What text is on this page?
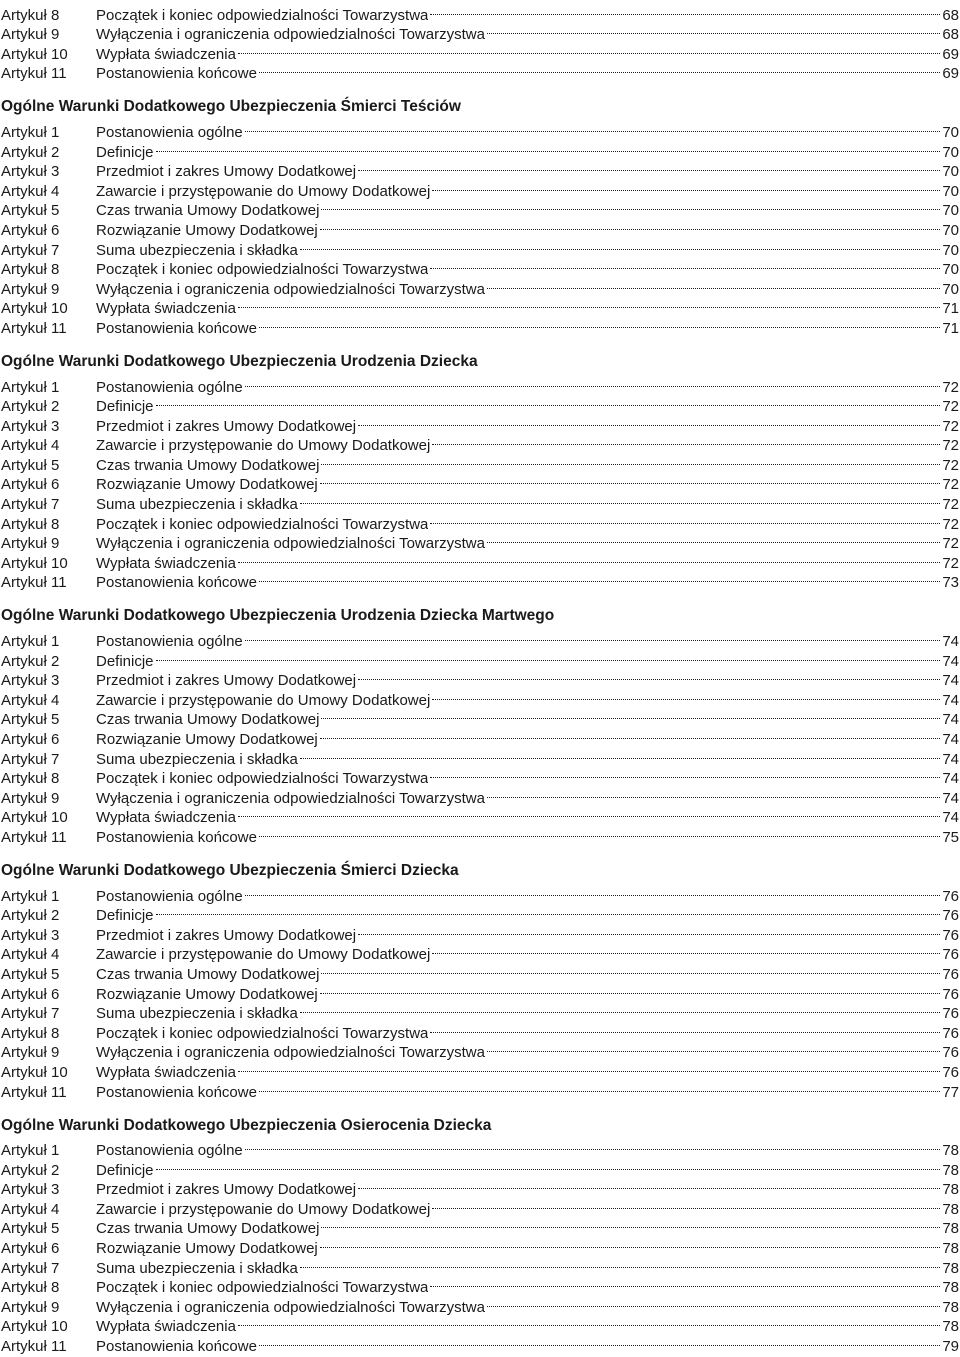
Artykuł 8	Początek i koniec odpowiedzialności Towarzystwa	68
Artykuł 9	Wyłączenia i ograniczenia odpowiedzialności Towarzystwa	68
Artykuł 10	Wypłata świadczenia	69
Artykuł 11	Postanowienia końcowe	69
Ogólne Warunki Dodatkowego Ubezpieczenia Śmierci Teściów
Artykuł 1	Postanowienia ogólne	70
Artykuł 2	Definicje	70
Artykuł 3	Przedmiot i zakres Umowy Dodatkowej	70
Artykuł 4	Zawarcie i przystępowanie do Umowy Dodatkowej	70
Artykuł 5	Czas trwania Umowy Dodatkowej	70
Artykuł 6	Rozwiązanie Umowy Dodatkowej	70
Artykuł 7	Suma ubezpieczenia i składka	70
Artykuł 8	Początek i koniec odpowiedzialności Towarzystwa	70
Artykuł 9	Wyłączenia i ograniczenia odpowiedzialności Towarzystwa	70
Artykuł 10	Wypłata świadczenia	71
Artykuł 11	Postanowienia końcowe	71
Ogólne Warunki Dodatkowego Ubezpieczenia Urodzenia Dziecka
Artykuł 1	Postanowienia ogólne	72
Artykuł 2	Definicje	72
Artykuł 3	Przedmiot i zakres Umowy Dodatkowej	72
Artykuł 4	Zawarcie i przystępowanie do Umowy Dodatkowej	72
Artykuł 5	Czas trwania Umowy Dodatkowej	72
Artykuł 6	Rozwiązanie Umowy Dodatkowej	72
Artykuł 7	Suma ubezpieczenia i składka	72
Artykuł 8	Początek i koniec odpowiedzialności Towarzystwa	72
Artykuł 9	Wyłączenia i ograniczenia odpowiedzialności Towarzystwa	72
Artykuł 10	Wypłata świadczenia	72
Artykuł 11	Postanowienia końcowe	73
Ogólne Warunki Dodatkowego Ubezpieczenia Urodzenia Dziecka Martwego
Artykuł 1	Postanowienia ogólne	74
Artykuł 2	Definicje	74
Artykuł 3	Przedmiot i zakres Umowy Dodatkowej	74
Artykuł 4	Zawarcie i przystępowanie do Umowy Dodatkowej	74
Artykuł 5	Czas trwania Umowy Dodatkowej	74
Artykuł 6	Rozwiązanie Umowy Dodatkowej	74
Artykuł 7	Suma ubezpieczenia i składka	74
Artykuł 8	Początek i koniec odpowiedzialności Towarzystwa	74
Artykuł 9	Wyłączenia i ograniczenia odpowiedzialności Towarzystwa	74
Artykuł 10	Wypłata świadczenia	74
Artykuł 11	Postanowienia końcowe	75
Ogólne Warunki Dodatkowego Ubezpieczenia Śmierci Dziecka
Artykuł 1	Postanowienia ogólne	76
Artykuł 2	Definicje	76
Artykuł 3	Przedmiot i zakres Umowy Dodatkowej	76
Artykuł 4	Zawarcie i przystępowanie do Umowy Dodatkowej	76
Artykuł 5	Czas trwania Umowy Dodatkowej	76
Artykuł 6	Rozwiązanie Umowy Dodatkowej	76
Artykuł 7	Suma ubezpieczenia i składka	76
Artykuł 8	Początek i koniec odpowiedzialności Towarzystwa	76
Artykuł 9	Wyłączenia i ograniczenia odpowiedzialności Towarzystwa	76
Artykuł 10	Wypłata świadczenia	76
Artykuł 11	Postanowienia końcowe	77
Ogólne Warunki Dodatkowego Ubezpieczenia Osierocenia Dziecka
Artykuł 1	Postanowienia ogólne	78
Artykuł 2	Definicje	78
Artykuł 3	Przedmiot i zakres Umowy Dodatkowej	78
Artykuł 4	Zawarcie i przystępowanie do Umowy Dodatkowej	78
Artykuł 5	Czas trwania Umowy Dodatkowej	78
Artykuł 6	Rozwiązanie Umowy Dodatkowej	78
Artykuł 7	Suma ubezpieczenia i składka	78
Artykuł 8	Początek i koniec odpowiedzialności Towarzystwa	78
Artykuł 9	Wyłączenia i ograniczenia odpowiedzialności Towarzystwa	78
Artykuł 10	Wypłata świadczenia	78
Artykuł 11	Postanowienia końcowe	79
